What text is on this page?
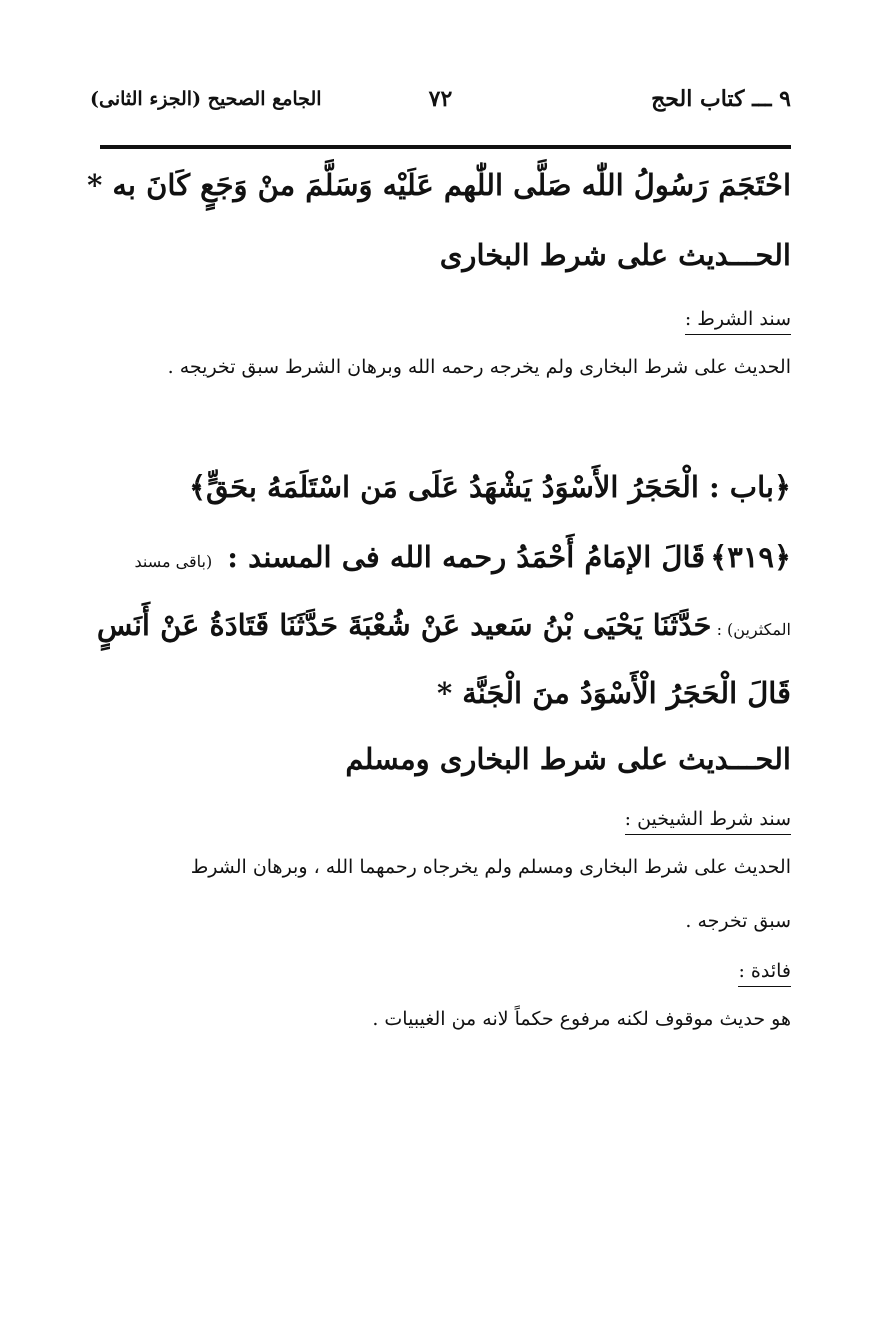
٩ ـــ كتاب الحج
٧٢
الجامع الصحيح (الجزء الثانى)
احْتَجَمَ رَسُولُ اللّٰه صَلَّى اللّٰهم عَلَيْه وَسَلَّمَ منْ وَجَعٍ كَانَ به *
الحـــديث على شرط البخارى
سند الشرط :
الحديث على شرط البخارى ولم يخرجه رحمه الله وبرهان الشرط سبق تخريجه .
﴿باب : الْحَجَرُ الأَسْوَدُ يَشْهَدُ عَلَى مَن اسْتَلَمَهُ بحَقٍّ﴾
﴿٣١٩﴾ قَالَ الإمَامُ أَحْمَدُ رحمه الله فى المسند : (باقى مسند
المكثرين) : حَدَّثَنَا يَحْيَى بْنُ سَعيد عَنْ شُعْبَةَ حَدَّثَنَا قَتَادَةُ عَنْ أَنَسٍ
قَالَ الْحَجَرُ الْأَسْوَدُ منَ الْجَنَّة *
الحـــديث على شرط البخارى ومسلم
سند شرط الشيخين :
الحديث على شرط البخارى ومسلم ولم يخرجاه رحمهما الله ، وبرهان الشرط
سبق تخرجه .
فائدة :
هو حديث موقوف لكنه مرفوع حكماً لانه من الغيبيات .
